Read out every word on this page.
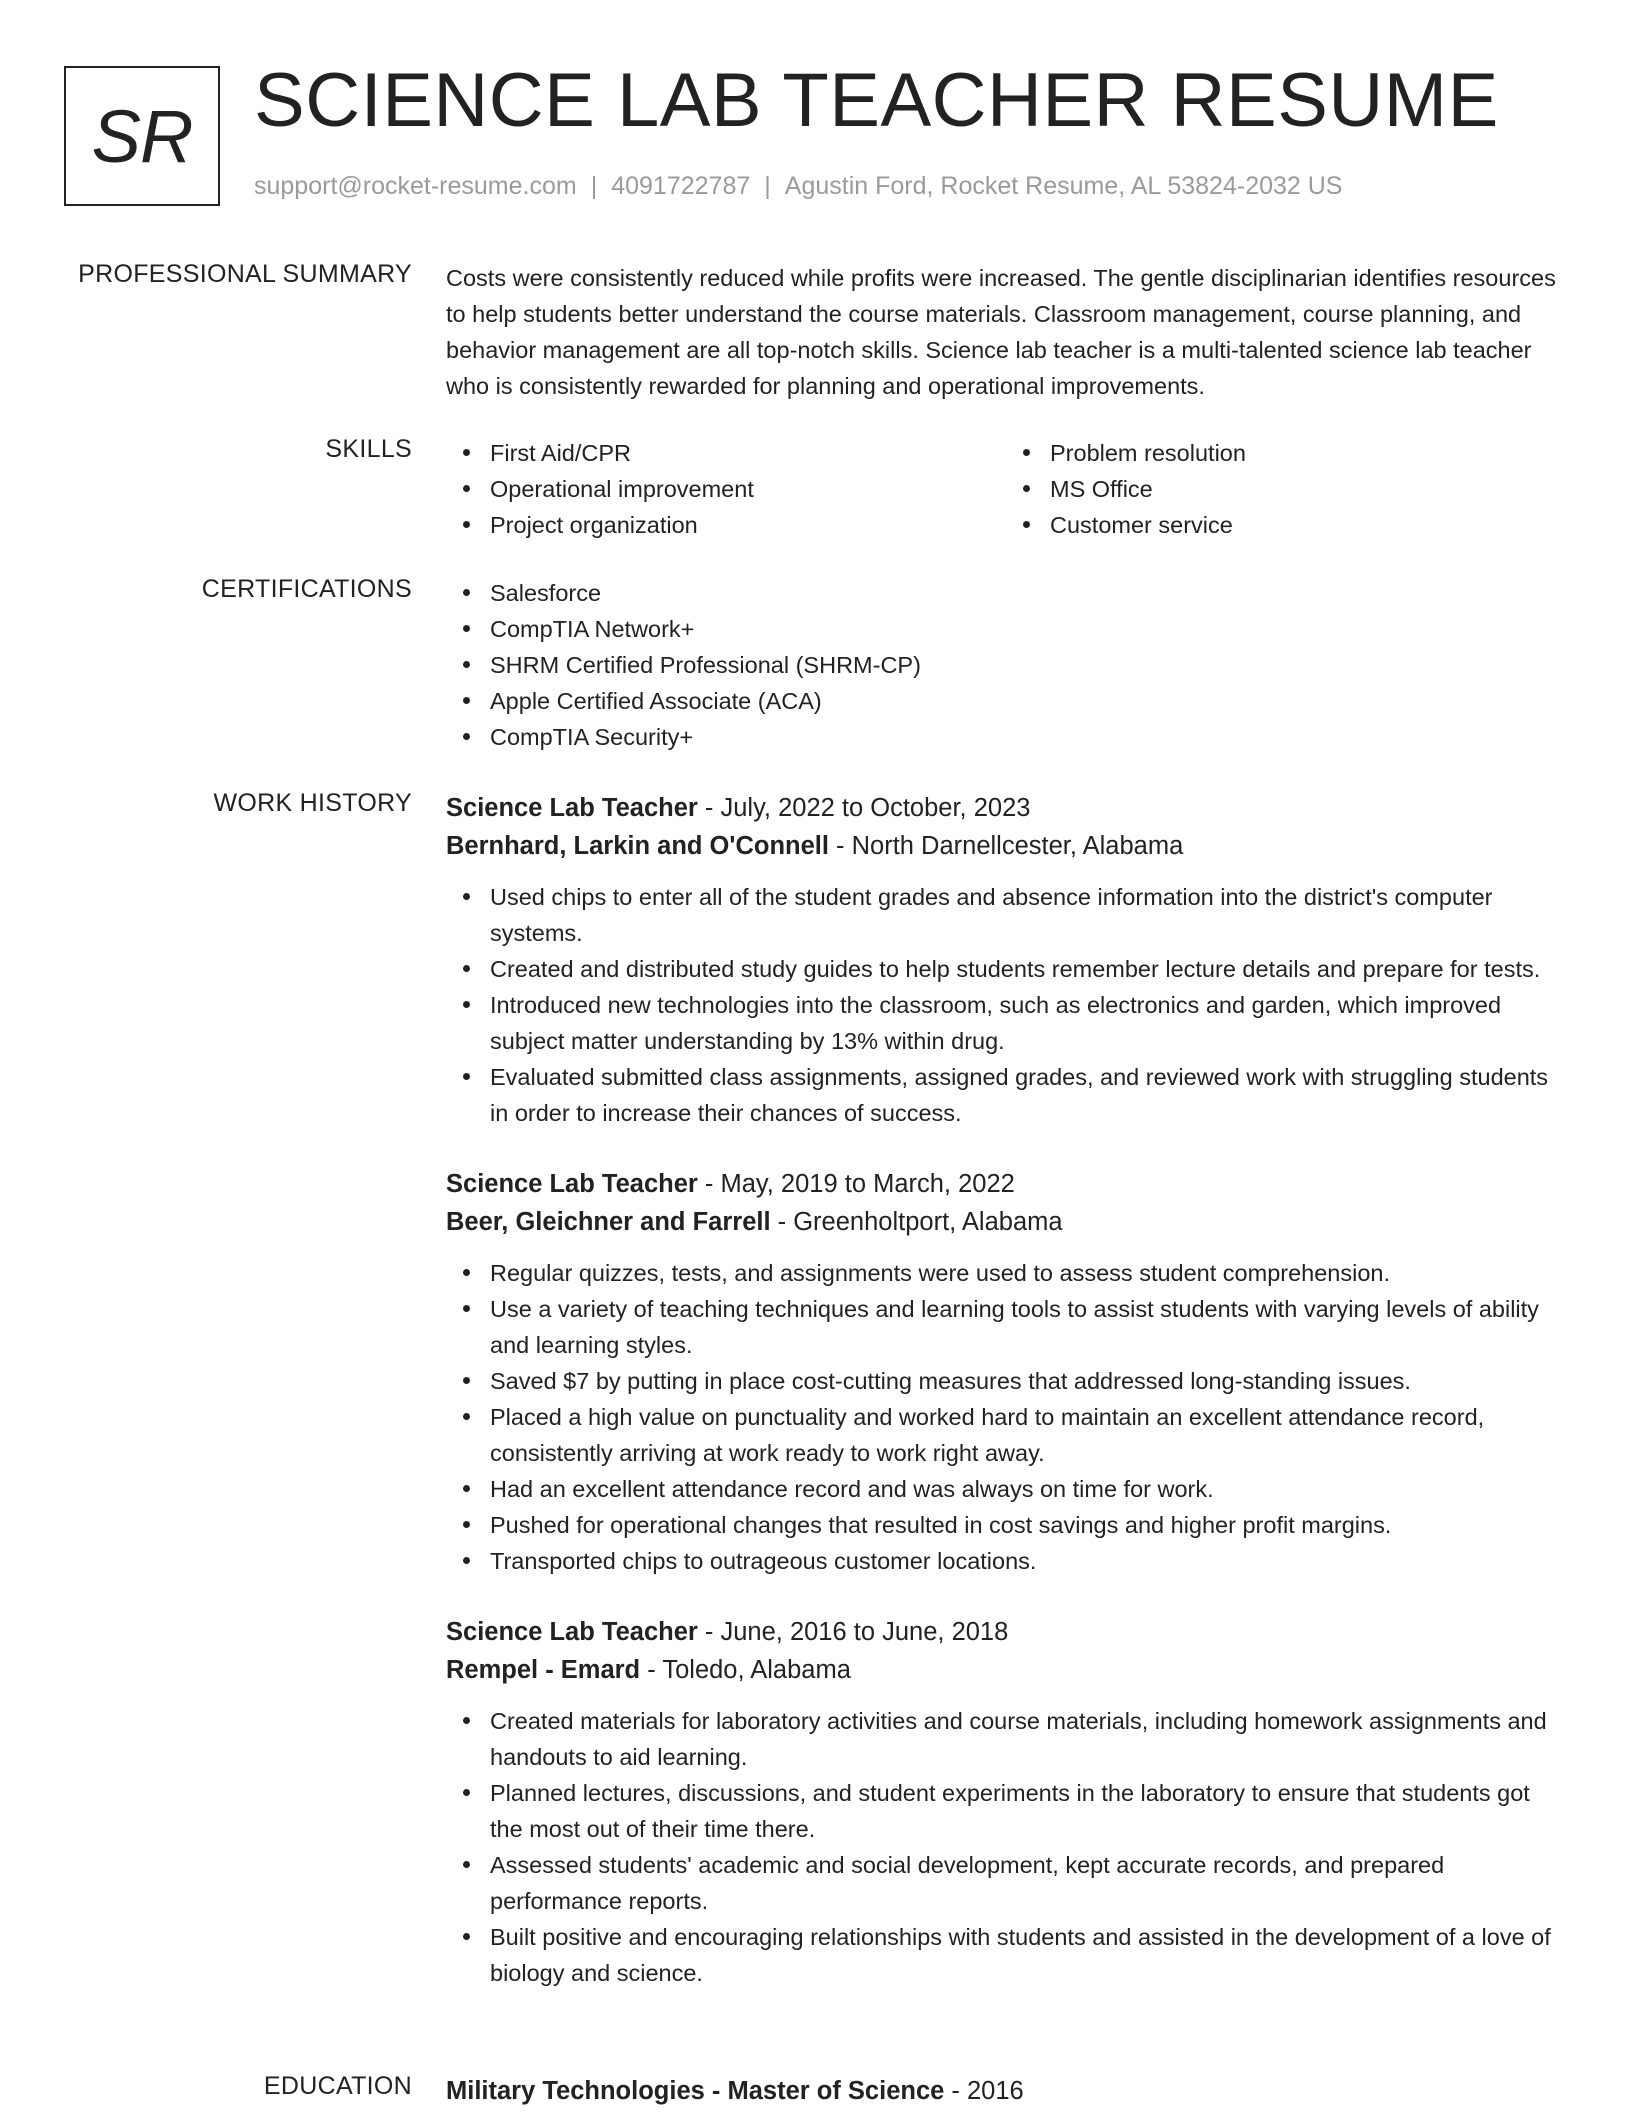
SR SCIENCE LAB TEACHER RESUME
support@rocket-resume.com | 4091722787 | Agustin Ford, Rocket Resume, AL 53824-2032 US
PROFESSIONAL SUMMARY Costs were consistently reduced while profits were increased. The gentle disciplinarian identifies resources to help students better understand the course materials. Classroom management, course planning, and behavior management are all top-notch skills. Science lab teacher is a multi-talented science lab teacher who is consistently rewarded for planning and operational improvements.

SKILLS	First Aid/CPR
Operational improvement
Project organization
Problem resolution
MS Office
Customer service
CERTIFICATIONS	Salesforce
CompTIA Network+
SHRM Certified Professional (SHRM-CP)
Apple Certified Associate (ACA)
CompTIA Security+
WORK HISTORY Science Lab Teacher - July, 2022 to October, 2023
Bernhard, Larkin and O'Connell - North Darnellcester, Alabama
Used chips to enter all of the student grades and absence information into the district's computer systems.
Created and distributed study guides to help students remember lecture details and prepare for tests.
Introduced new technologies into the classroom, such as electronics and garden, which improved subject matter understanding by 13% within drug.
Evaluated submitted class assignments, assigned grades, and reviewed work with struggling students in order to increase their chances of success.
Science Lab Teacher - May, 2019 to March, 2022
Beer, Gleichner and Farrell - Greenholtport, Alabama
Regular quizzes, tests, and assignments were used to assess student comprehension.
Use a variety of teaching techniques and learning tools to assist students with varying levels of ability and learning styles.
Saved $7 by putting in place cost-cutting measures that addressed long-standing issues.
Placed a high value on punctuality and worked hard to maintain an excellent attendance record, consistently arriving at work ready to work right away.
Had an excellent attendance record and was always on time for work.
Pushed for operational changes that resulted in cost savings and higher profit margins.
Transported chips to outrageous customer locations.
Science Lab Teacher - June, 2016 to June, 2018
Rempel - Emard - Toledo, Alabama
Created materials for laboratory activities and course materials, including homework assignments and handouts to aid learning.
Planned lectures, discussions, and student experiments in the laboratory to ensure that students got the most out of their time there.
Assessed students' academic and social development, kept accurate records, and prepared performance reports.
Built positive and encouraging relationships with students and assisted in the development of a love of biology and science.
EDUCATION Military Technologies - Master of Science - 2016
